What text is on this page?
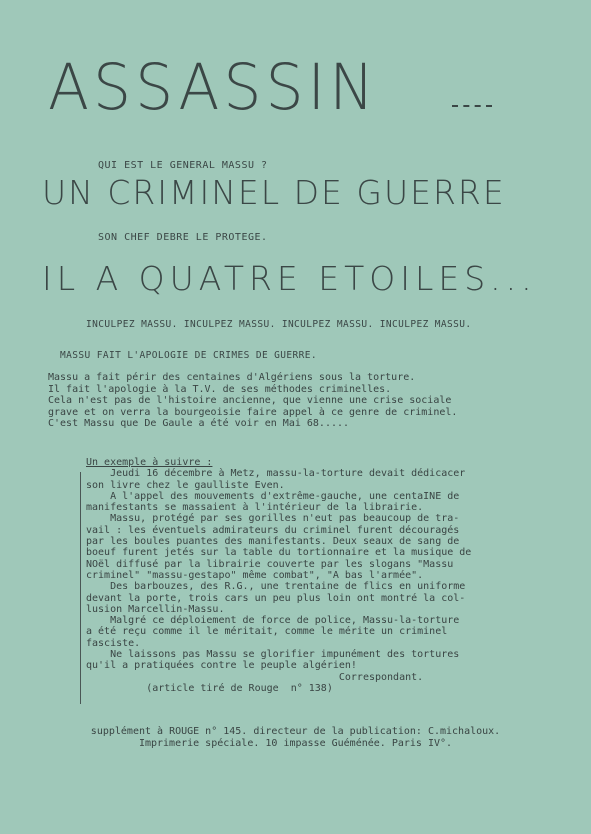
ASSASSIN
QUI EST LE GENERAL MASSU ?
UN CRIMINEL DE GUERRE
SON CHEF DEBRE LE PROTEGE.
IL A QUATRE ETOILES...
INCULPEZ MASSU. INCULPEZ MASSU. INCULPEZ MASSU. INCULPEZ MASSU.
MASSU FAIT L'APOLOGIE DE CRIMES DE GUERRE.
Massu a fait périr des centaines d'Algériens sous la torture.
Il fait l'apologie à la T.V. de ses méthodes criminelles.
Cela n'est pas de l'histoire ancienne, que vienne une crise sociale
grave et on verra la bourgeoisie faire appel à ce genre de criminel.
C'est Massu que De Gaule a été voir en Mai 68.....
Un exemple à suivre :
Jeudi 16 décembre à Metz, massu-la-torture devait dédicacer
son livre chez le gaulliste Even.
A l'appel des mouvements d'extrême-gauche, une centaINE de
manifestants se massaient à l'intérieur de la librairie.
Massu, protégé par ses gorilles n'eut pas beaucoup de tra-
vail : les éventuels admirateurs du criminel furent découragés
par les boules puantes des manifestants. Deux seaux de sang de
boeuf furent jetés sur la table du tortionnaire et la musique de
NOël diffusé par la librairie couverte par les slogans "Massu
criminel" "massu-gestapo" même combat", "A bas l'armée".
Des barbouzes, des R.G., une trentaine de flics en uniforme
devant la porte, trois cars un peu plus loin ont montré la col-
lusion Marcellin-Massu.
Malgré ce déploiement de force de police, Massu-la-torture
a été reçu comme il le méritait, comme le mérite un criminel
fasciste.
Ne laissons pas Massu se glorifier impunément des tortures
qu'il a pratiquées contre le peuple algérien!
Correspondant.
(article tiré de Rouge  n° 138)
supplément à ROUGE n° 145. directeur de la publication: C.michaloux.
Imprimerie spéciale. 10 impasse Guéménée. Paris IV°.
